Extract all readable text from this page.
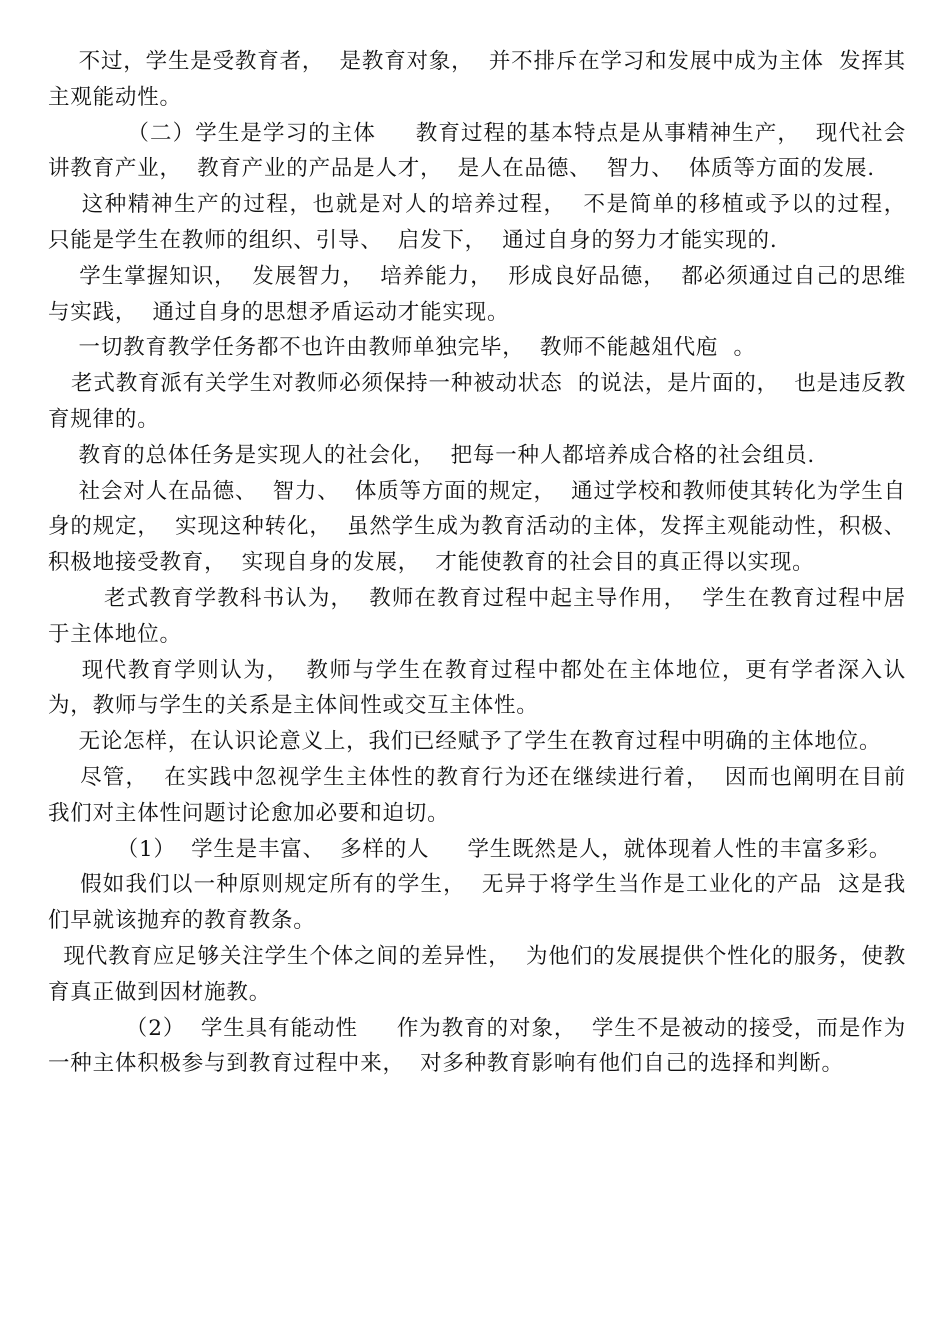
不过，学生是受教育者，  是教育对象，  并不排斥在学习和发展中成为主体  发挥其主观能动性。

（二）学生是学习的主体     教育过程的基本特点是从事精神生产，  现代社会讲教育产业，  教育产业的产品是人才，  是人在品德、  智力、  体质等方面的发展.

这种精神生产的过程，也就是对人的培养过程，  不是简单的移植或予以的过程，  只能是学生在教师的组织、引导、  启发下，  通过自身的努力才能实现的.

学生掌握知识，  发展智力，  培养能力，  形成良好品德，  都必须通过自己的思维与实践，  通过自身的思想矛盾运动才能实现。

一切教育教学任务都不也许由教师单独完毕，  教师不能越俎代庖  。

老式教育派有关学生对教师必须保持一种被动状态  的说法，是片面的，  也是违反教育规律的。

教育的总体任务是实现人的社会化，  把每一种人都培养成合格的社会组员.

社会对人在品德、  智力、  体质等方面的规定，  通过学校和教师使其转化为学生自身的规定，  实现这种转化，  虽然学生成为教育活动的主体，发挥主观能动性，积极、  积极地接受教育，  实现自身的发展，  才能使教育的社会目的真正得以实现。

老式教育学教科书认为，  教师在教育过程中起主导作用，  学生在教育过程中居于主体地位。

现代教育学则认为，  教师与学生在教育过程中都处在主体地位，更有学者深入认为，教师与学生的关系是主体间性或交互主体性。

无论怎样，在认识论意义上，我们已经赋予了学生在教育过程中明确的主体地位。

尽管，  在实践中忽视学生主体性的教育行为还在继续进行着，  因而也阐明在目前我们对主体性问题讨论愈加必要和迫切。

（1）  学生是丰富、  多样的人     学生既然是人，就体现着人性的丰富多彩。

假如我们以一种原则规定所有的学生，  无异于将学生当作是工业化的产品  这是我们早就该抛弃的教育教条。

现代教育应足够关注学生个体之间的差异性，  为他们的发展提供个性化的服务，使教育真正做到因材施教。

（2）  学生具有能动性     作为教育的对象，  学生不是被动的接受，而是作为一种主体积极参与到教育过程中来，  对多种教育影响有他们自己的选择和判断。
